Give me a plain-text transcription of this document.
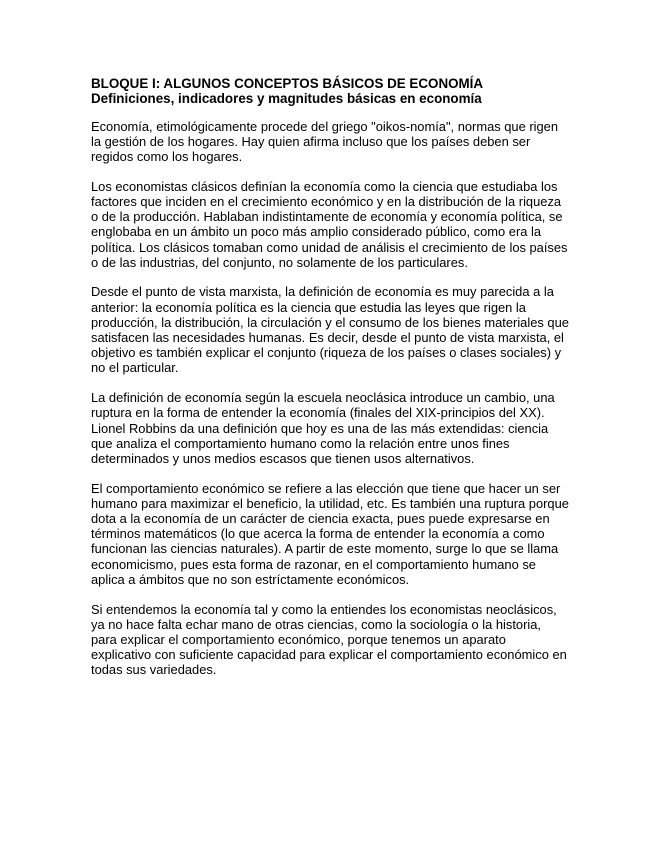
BLOQUE I: ALGUNOS CONCEPTOS BÁSICOS DE ECONOMÍA Definiciones, indicadores y magnitudes básicas en economía

Economía, etimológicamente procede del griego "oikos-nomía", normas que rigen la gestión de los hogares. Hay quien afirma incluso que los países deben ser regidos como los hogares.

Los economistas clásicos definían la economía como la ciencia que estudiaba los factores que inciden en el crecimiento económico y en la distribución de la riqueza o de la producción. Hablaban indistintamente de economía y economía política, se englobaba en un ámbito un poco más amplio considerado público, como era la política. Los clásicos tomaban como unidad de análisis el crecimiento de los países o de las industrias, del conjunto, no solamente de los particulares.

Desde el punto de vista marxista, la definición de economía es muy parecida a la anterior: la economía política es la ciencia que estudia las leyes que rigen la producción, la distribución, la circulación y el consumo de los bienes materiales que satisfacen las necesidades humanas. Es decir, desde el punto de vista marxista, el objetivo es también explicar el conjunto (riqueza de los países o clases sociales) y no el particular.

La definición de economía según la escuela neoclásica introduce un cambio, una ruptura en la forma de entender la economía (finales del XIX-principios del XX). Lionel Robbins da una definición que hoy es una de las más extendidas: ciencia que analiza el comportamiento humano como la relación entre unos fines determinados y unos medios escasos que tienen usos alternativos.

El comportamiento económico se refiere a las elección que tiene que hacer un ser humano para maximizar el beneficio, la utilidad, etc. Es también una ruptura porque dota a la economía de un carácter de ciencia exacta, pues puede expresarse en términos matemáticos (lo que acerca la forma de entender la economía a como funcionan las ciencias naturales). A partir de este momento, surge lo que se llama economicismo, pues esta forma de razonar, en el comportamiento humano se aplica a ámbitos que no son estríctamente económicos.

Si entendemos la economía tal y como la entiendes los economistas neoclásicos, ya no hace falta echar mano de otras ciencias, como la sociología o la historia, para explicar el comportamiento económico, porque tenemos un aparato explicativo con suficiente capacidad para explicar el comportamiento económico en todas sus variedades.
